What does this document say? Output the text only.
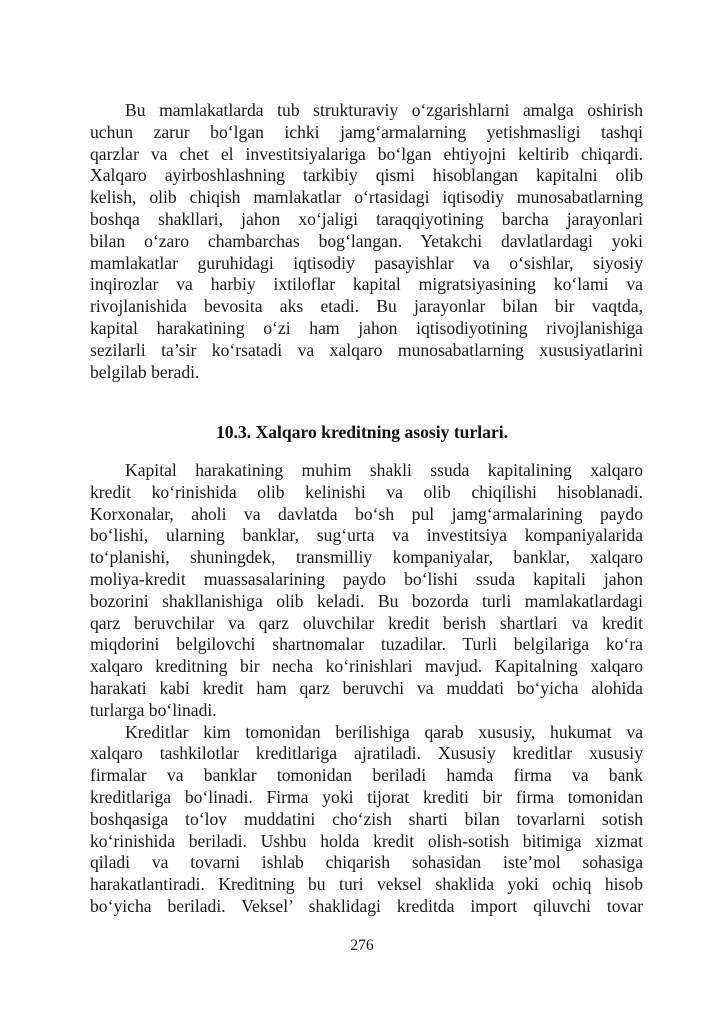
Bu mamlakatlarda tub strukturaviy o‘zgarishlarni amalga oshirish
uchun zarur bo‘lgan ichki jamg‘armalarning yetishmasligi tashqi
qarzlar va chet el investitsiyalariga bo‘lgan ehtiyojni keltirib chiqardi.
Xalqaro ayirboshlashning tarkibiy qismi hisoblangan kapitalni olib
kelish, olib chiqish mamlakatlar o‘rtasidagi iqtisodiy munosabatlarning
boshqa shakllari, jahon xo‘jaligi taraqqiyotining barcha jarayonlari
bilan o‘zaro chambarchas bog‘langan. Yetakchi davlatlardagi yoki
mamlakatlar guruhidagi iqtisodiy pasayishlar va o‘sishlar, siyosiy
inqirozlar va harbiy ixtiloflar kapital migratsiyasining ko‘lami va
rivojlanishida bevosita aks etadi. Bu jarayonlar bilan bir vaqtda,
kapital harakatining o‘zi ham jahon iqtisodiyotining rivojlanishiga
sezilarli ta’sir ko‘rsatadi va xalqaro munosabatlarning xususiyatlarini
belgilab beradi.
10.3. Xalqaro kreditning asosiy turlari.
Kapital harakatining muhim shakli ssuda kapitalining xalqaro
kredit ko‘rinishida olib kelinishi va olib chiqilishi hisoblanadi.
Korxonalar, aholi va davlatda bo‘sh pul jamg‘armalarining paydo
bo‘lishi, ularning banklar, sug‘urta va investitsiya kompaniyalarida
to‘planishi, shuningdek, transmilliy kompaniyalar, banklar, xalqaro
moliya-kredit muassasalarining paydo bo‘lishi ssuda kapitali jahon
bozorini shakllanishiga olib keladi. Bu bozorda turli mamlakatlardagi
qarz beruvchilar va qarz oluvchilar kredit berish shartlari va kredit
miqdorini belgilovchi shartnomalar tuzadilar. Turli belgilariga ko‘ra
xalqaro kreditning bir necha ko‘rinishlari mavjud. Kapitalning xalqaro
harakati kabi kredit ham qarz beruvchi va muddati bo‘yicha alohida
turlarga bo‘linadi.
Kreditlar kim tomonidan berilishiga qarab xususiy, hukumat va
xalqaro tashkilotlar kreditlariga ajratiladi. Xususiy kreditlar xususiy
firmalar va banklar tomonidan beriladi hamda firma va bank
kreditlariga bo‘linadi. Firma yoki tijorat krediti bir firma tomonidan
boshqasiga to‘lov muddatini cho‘zish sharti bilan tovarlarni sotish
ko‘rinishida beriladi. Ushbu holda kredit olish-sotish bitimiga xizmat
qiladi va tovarni ishlab chiqarish sohasidan iste’mol sohasiga
harakatlantiradi. Kreditning bu turi veksel shaklida yoki ochiq hisob
bo‘yicha beriladi. Veksel’ shaklidagi kreditda import qiluvchi tovar
276
